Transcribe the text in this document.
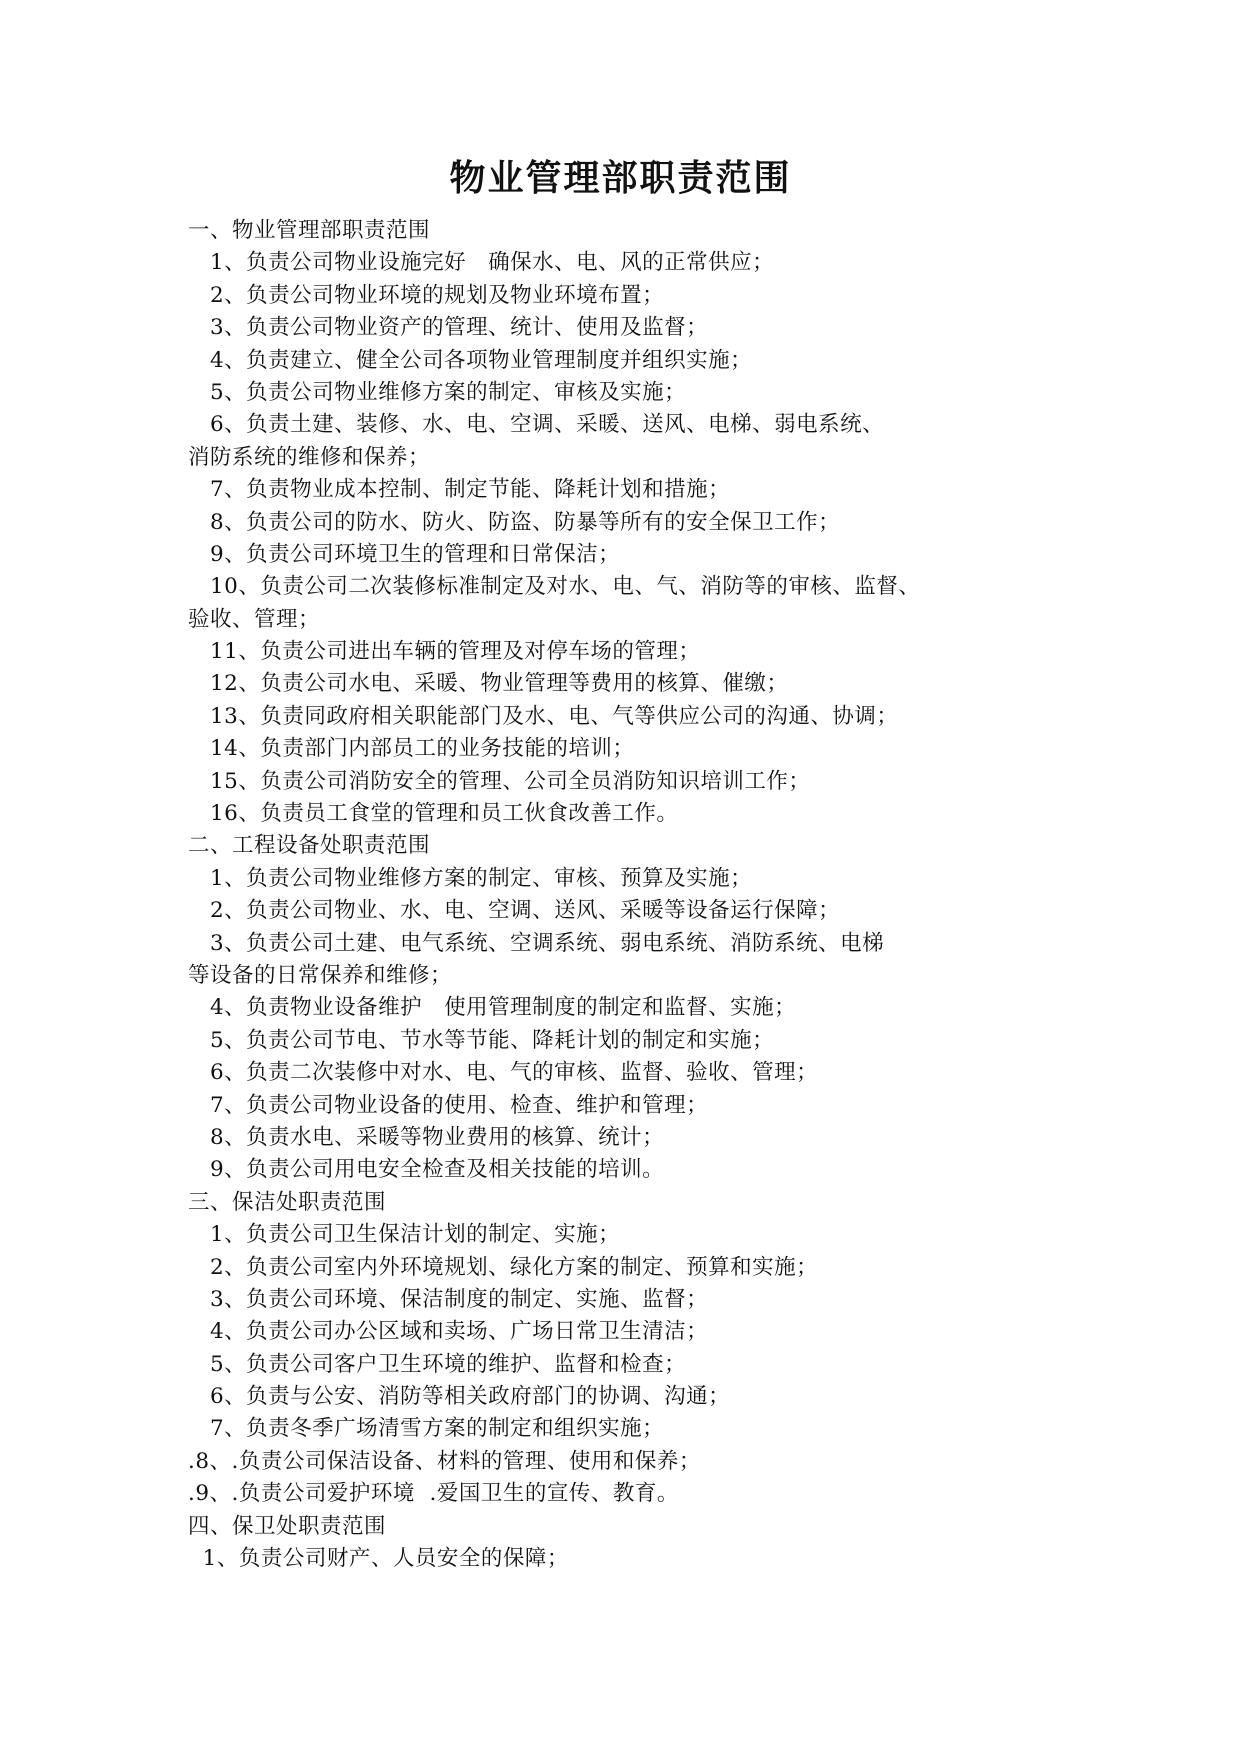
物业管理部职责范围
一、物业管理部职责范围
1、负责公司物业设施完好   确保水、电、风的正常供应；
2、负责公司物业环境的规划及物业环境布置；
3、负责公司物业资产的管理、统计、使用及监督；
4、负责建立、健全公司各项物业管理制度并组织实施；
5、负责公司物业维修方案的制定、审核及实施；
6、负责土建、装修、水、电、空调、采暖、送风、电梯、弱电系统、
消防系统的维修和保养；
7、负责物业成本控制、制定节能、降耗计划和措施；
8、负责公司的防水、防火、防盗、防暴等所有的安全保卫工作；
9、负责公司环境卫生的管理和日常保洁；
10、负责公司二次装修标准制定及对水、电、气、消防等的审核、监督、
验收、管理；
11、负责公司进出车辆的管理及对停车场的管理；
12、负责公司水电、采暖、物业管理等费用的核算、催缴；
13、负责同政府相关职能部门及水、电、气等供应公司的沟通、协调；
14、负责部门内部员工的业务技能的培训；
15、负责公司消防安全的管理、公司全员消防知识培训工作；
16、负责员工食堂的管理和员工伙食改善工作。
二、工程设备处职责范围
1、负责公司物业维修方案的制定、审核、预算及实施；
2、负责公司物业、水、电、空调、送风、采暖等设备运行保障；
3、负责公司土建、电气系统、空调系统、弱电系统、消防系统、电梯
等设备的日常保养和维修；
4、负责物业设备维护   使用管理制度的制定和监督、实施；
5、负责公司节电、节水等节能、降耗计划的制定和实施；
6、负责二次装修中对水、电、气的审核、监督、验收、管理；
7、负责公司物业设备的使用、检查、维护和管理；
8、负责水电、采暖等物业费用的核算、统计；
9、负责公司用电安全检查及相关技能的培训。
三、保洁处职责范围
1、负责公司卫生保洁计划的制定、实施；
2、负责公司室内外环境规划、绿化方案的制定、预算和实施；
3、负责公司环境、保洁制度的制定、实施、监督；
4、负责公司办公区域和卖场、广场日常卫生清洁；
5、负责公司客户卫生环境的维护、监督和检查；
6、负责与公安、消防等相关政府部门的协调、沟通；
7、负责冬季广场清雪方案的制定和组织实施；
.8、.负责公司保洁设备、材料的管理、使用和保养；
.9、.负责公司爱护环境  .爱国卫生的宣传、教育。
四、保卫处职责范围
1、负责公司财产、人员安全的保障；
